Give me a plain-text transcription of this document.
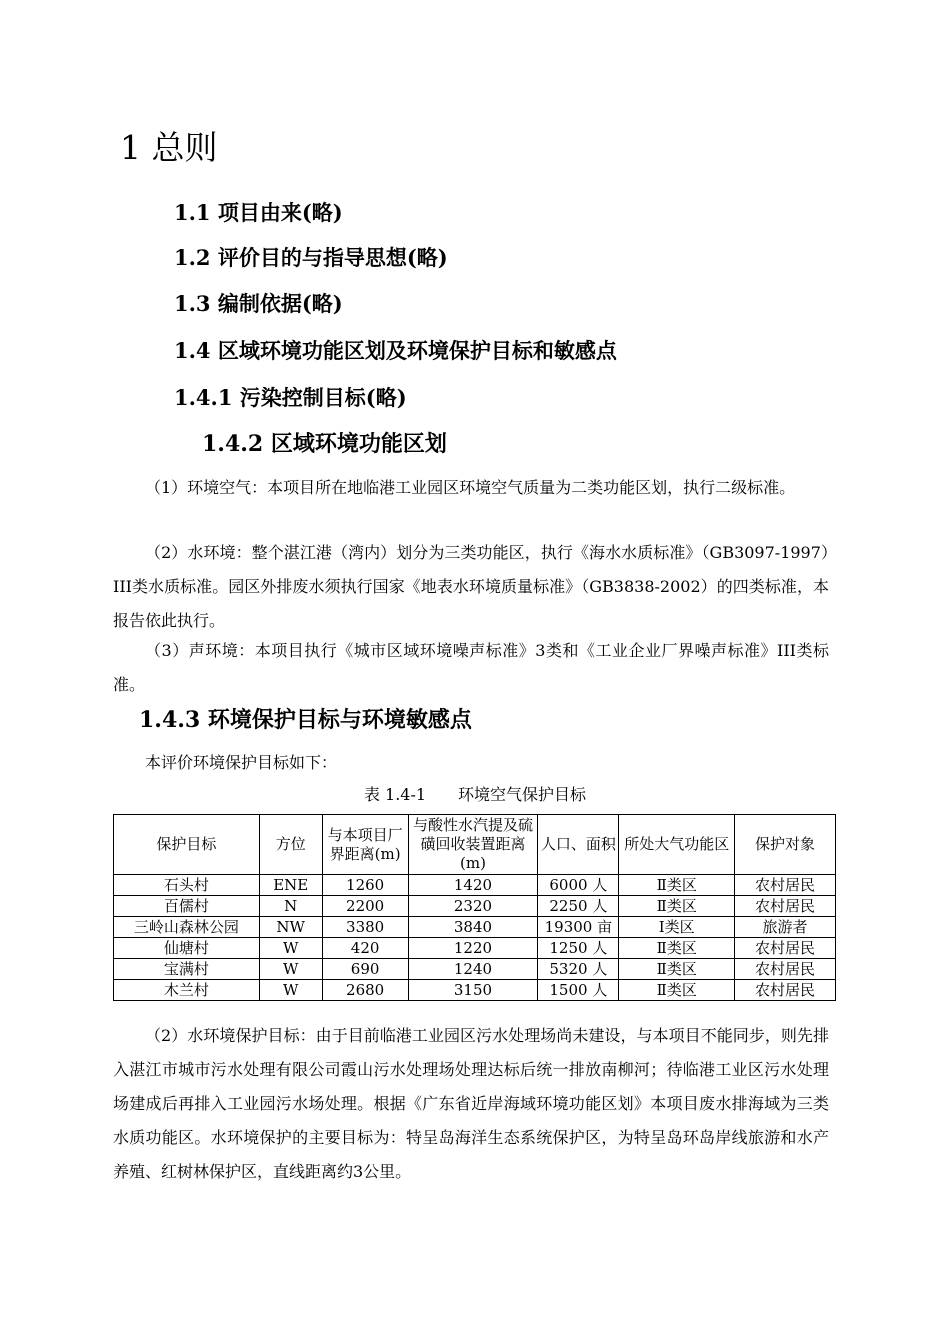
1 总则
1.1 项目由来(略)
1.2 评价目的与指导思想(略)
1.3 编制依据(略)
1.4 区域环境功能区划及环境保护目标和敏感点
1.4.1 污染控制目标(略)
1.4.2 区域环境功能区划
（1）环境空气：本项目所在地临港工业园区环境空气质量为二类功能区划，执行二级标准。
（2）水环境：整个湛江港（湾内）划分为三类功能区，执行《海水水质标准》（GB3097-1997）III类水质标准。园区外排废水须执行国家《地表水环境质量标准》（GB3838-2002）的四类标准，本报告依此执行。
（3）声环境：本项目执行《城市区域环境噪声标准》3类和《工业企业厂界噪声标准》III类标准。
1.4.3 环境保护目标与环境敏感点
本评价环境保护目标如下：
表 1.4-1　　环境空气保护目标
保护目标	方位	与本项目厂界距离(m)	与酸性水汽提及硫磺回收装置距离(m)	人口、面积	所处大气功能区	保护对象
石头村	ENE	1260	1420	6000 人	Ⅱ类区	农村居民
百儒村	N	2200	2320	2250 人	Ⅱ类区	农村居民
三岭山森林公园	NW	3380	3840	19300 亩	Ⅰ类区	旅游者
仙塘村	W	420	1220	1250 人	Ⅱ类区	农村居民
宝满村	W	690	1240	5320 人	Ⅱ类区	农村居民
木兰村	W	2680	3150	1500 人	Ⅱ类区	农村居民
（2）水环境保护目标：由于目前临港工业园区污水处理场尚未建设，与本项目不能同步，则先排入湛江市城市污水处理有限公司霞山污水处理场处理达标后统一排放南柳河；待临港工业区污水处理场建成后再排入工业园污水场处理。根据《广东省近岸海域环境功能区划》本项目废水排海域为三类水质功能区。水环境保护的主要目标为：特呈岛海洋生态系统保护区，为特呈岛环岛岸线旅游和水产养殖、红树林保护区，直线距离约3公里。
